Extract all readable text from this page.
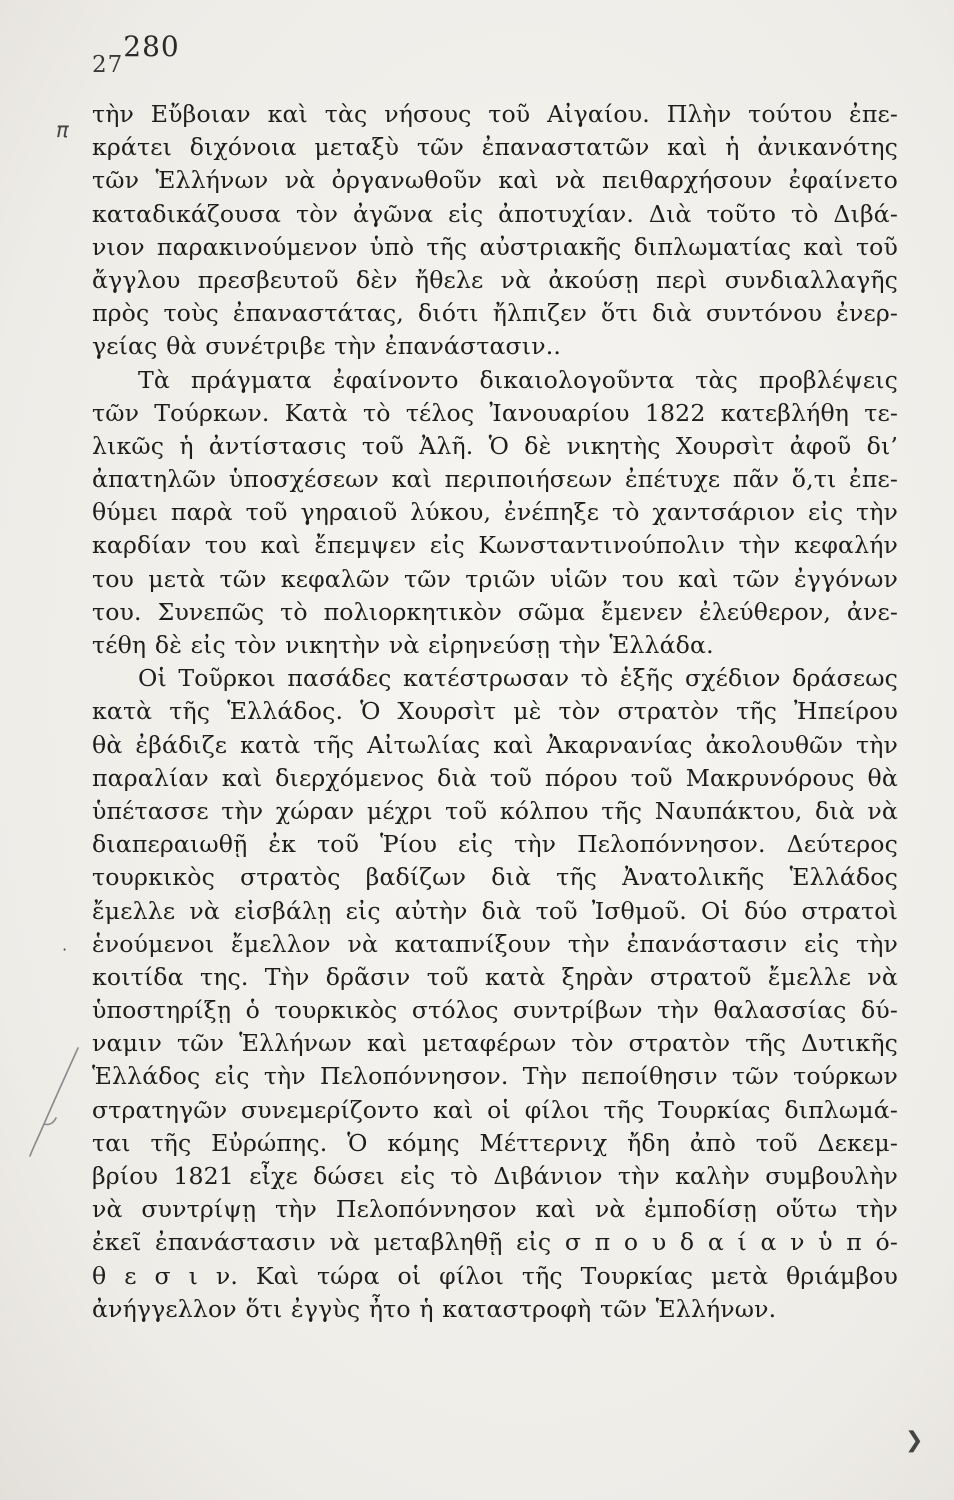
27280
π
·
❯
τὴν Εὔβοιαν καὶ τὰς νήσους τοῦ Αἰγαίου. Πλὴν τούτου ἐπε-
κράτει διχόνοια μεταξὺ τῶν ἐπαναστατῶν καὶ ἡ ἀνικανότης
τῶν Ἑλλήνων νὰ ὀργανωθοῦν καὶ νὰ πειθαρχήσουν ἐφαίνετο
καταδικάζουσα τὸν ἀγῶνα εἰς ἀποτυχίαν. Διὰ τοῦτο τὸ Διβά-
νιον παρακινούμενον ὑπὸ τῆς αὐστριακῆς διπλωματίας καὶ τοῦ
ἄγγλου πρεσβευτοῦ δὲν ἤθελε νὰ ἀκούσῃ περὶ συνδιαλλαγῆς
πρὸς τοὺς ἐπαναστάτας, διότι ἤλπιζεν ὅτι διὰ συντόνου ἐνερ-
γείας θὰ συνέτριβε τὴν ἐπανάστασιν..
Τὰ πράγματα ἐφαίνοντο δικαιολογοῦντα τὰς προβλέψεις
τῶν Τούρκων. Κατὰ τὸ τέλος Ἰανουαρίου 1822 κατεβλήθη τε-
λικῶς ἡ ἀντίστασις τοῦ Ἀλῆ. Ὁ δὲ νικητὴς Χουρσὶτ ἀφοῦ δι’
ἀπατηλῶν ὑποσχέσεων καὶ περιποιήσεων ἐπέτυχε πᾶν ὅ,τι ἐπε-
θύμει παρὰ τοῦ γηραιοῦ λύκου, ἐνέπηξε τὸ χαντσάριον εἰς τὴν
καρδίαν του καὶ ἔπεμψεν εἰς Κωνσταντινούπολιν τὴν κεφαλήν
του μετὰ τῶν κεφαλῶν τῶν τριῶν υἱῶν του καὶ τῶν ἐγγόνων
του. Συνεπῶς τὸ πολιορκητικὸν σῶμα ἔμενεν ἐλεύθερον, ἀνε-
τέθη δὲ εἰς τὸν νικητὴν νὰ εἰρηνεύσῃ τὴν Ἑλλάδα.
Οἱ Τοῦρκοι πασάδες κατέστρωσαν τὸ ἑξῆς σχέδιον δράσεως
κατὰ τῆς Ἑλλάδος. Ὁ Χουρσὶτ μὲ τὸν στρατὸν τῆς Ἠπείρου
θὰ ἐβάδιζε κατὰ τῆς Αἰτωλίας καὶ Ἀκαρνανίας ἀκολουθῶν τὴν
παραλίαν καὶ διερχόμενος διὰ τοῦ πόρου τοῦ Μακρυνόρους θὰ
ὑπέτασσε τὴν χώραν μέχρι τοῦ κόλπου τῆς Ναυπάκτου, διὰ νὰ
διαπεραιωθῇ ἐκ τοῦ Ῥίου εἰς τὴν Πελοπόννησον. Δεύτερος
τουρκικὸς στρατὸς βαδίζων διὰ τῆς Ἀνατολικῆς Ἑλλάδος
ἔμελλε νὰ εἰσβάλῃ εἰς αὐτὴν διὰ τοῦ Ἰσθμοῦ. Οἱ δύο στρατοὶ
ἑνούμενοι ἔμελλον νὰ καταπνίξουν τὴν ἐπανάστασιν εἰς τὴν
κοιτίδα της. Τὴν δρᾶσιν τοῦ κατὰ ξηρὰν στρατοῦ ἔμελλε νὰ
ὑποστηρίξῃ ὁ τουρκικὸς στόλος συντρίβων τὴν θαλασσίας δύ-
ναμιν τῶν Ἑλλήνων καὶ μεταφέρων τὸν στρατὸν τῆς Δυτικῆς
Ἑλλάδος εἰς τὴν Πελοπόννησον. Τὴν πεποίθησιν τῶν τούρκων
στρατηγῶν συνεμερίζοντο καὶ οἱ φίλοι τῆς Τουρκίας διπλωμά-
ται τῆς Εὐρώπης. Ὁ κόμης Μέττερνιχ ἤδη ἀπὸ τοῦ Δεκεμ-
βρίου 1821 εἶχε δώσει εἰς τὸ Διβάνιον τὴν καλὴν συμβουλὴν
νὰ συντρίψῃ τὴν Πελοπόννησον καὶ νὰ ἐμποδίσῃ οὕτω τὴν
ἐκεῖ ἐπανάστασιν νὰ μεταβληθῇ εἰς σ π ο υ δ α ί α ν ὑ π ό-
θ ε σ ι ν. Καὶ τώρα οἱ φίλοι τῆς Τουρκίας μετὰ θριάμβου
ἀνήγγελλον ὅτι ἐγγὺς ἦτο ἡ καταστροφὴ τῶν Ἑλλήνων.
